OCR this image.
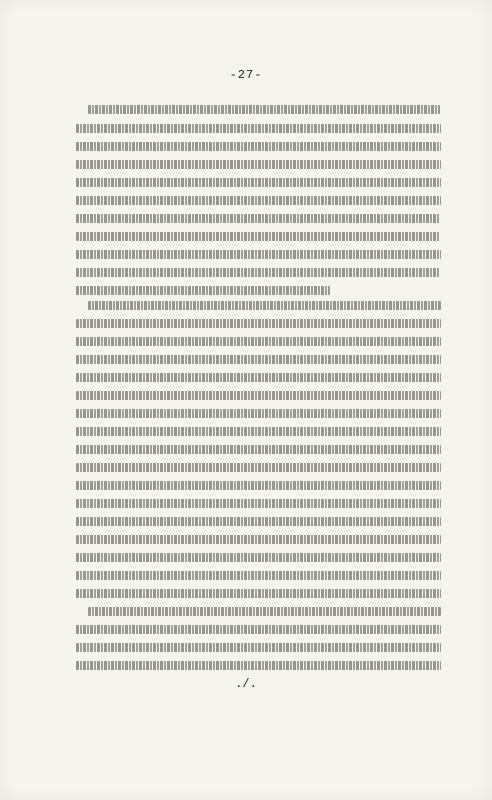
-27-
./.
